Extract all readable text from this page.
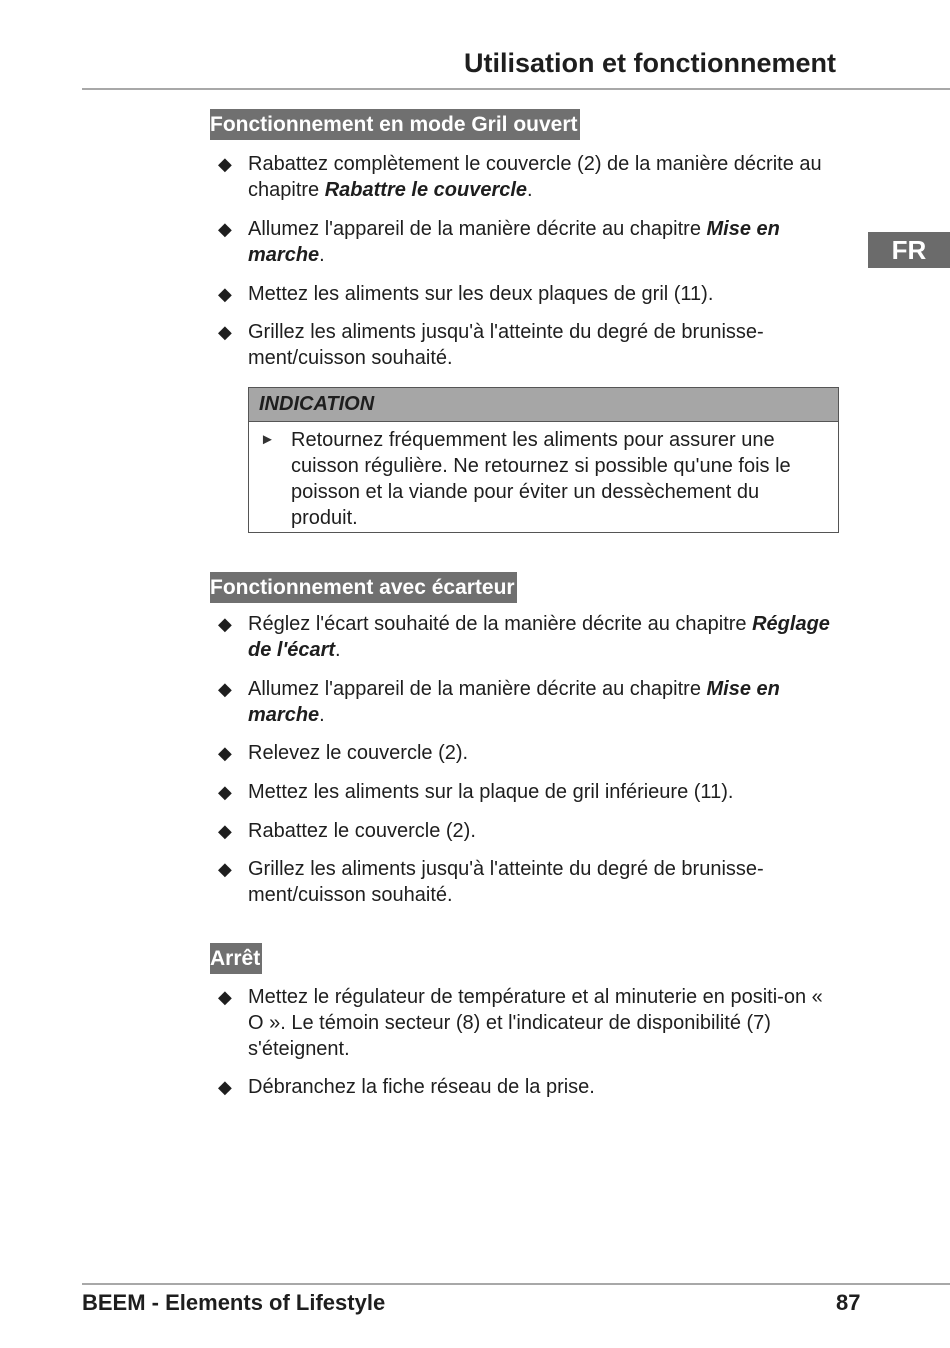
Utilisation et fonctionnement
FR
Fonctionnement en mode Gril ouvert
◆ Rabattez complètement le couvercle (2) de la manière décrite au chapitre Rabattre le couvercle.
◆ Allumez l'appareil de la manière décrite au chapitre Mise en marche.
◆ Mettez les aliments sur les deux plaques de gril (11).
◆ Grillez les aliments jusqu'à l'atteinte du degré de brunisse-ment/cuisson souhaité.
INDICATION
► Retournez fréquemment les aliments pour assurer une cuisson régulière. Ne retournez si possible qu'une fois le poisson et la viande pour éviter un dessèchement du produit.
Fonctionnement avec écarteur
◆ Réglez l'écart souhaité de la manière décrite au chapitre Réglage de l'écart.
◆ Allumez l'appareil de la manière décrite au chapitre Mise en marche.
◆ Relevez le couvercle (2).
◆ Mettez les aliments sur la plaque de gril inférieure (11).
◆ Rabattez le couvercle (2).
◆ Grillez les aliments jusqu'à l'atteinte du degré de brunisse-ment/cuisson souhaité.
Arrêt
◆ Mettez le régulateur de température et al minuterie en positi-on « O ». Le témoin secteur (8) et l'indicateur de disponibilité (7) s'éteignent.
◆ Débranchez la fiche réseau de la prise.
BEEM - Elements of Lifestyle	87
